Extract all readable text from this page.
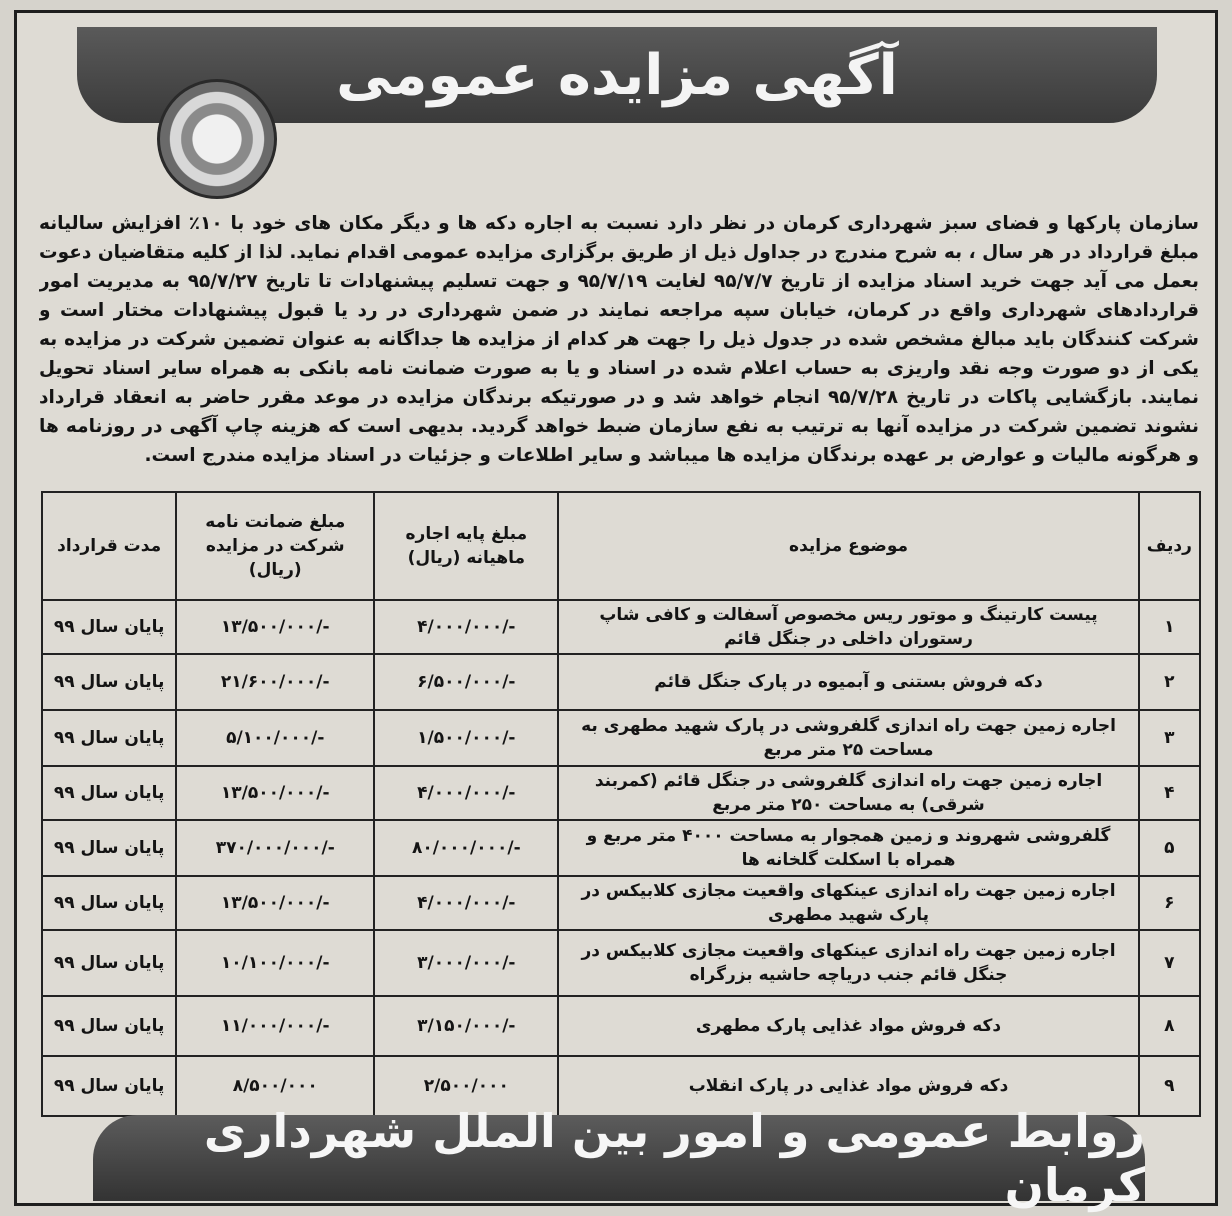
آگهی مزایده عمومی
سازمان پارکها و فضای سبز شهرداری کرمان در نظر دارد نسبت به اجاره دکه ها و دیگر مکان های خود با ۱۰٪ افزایش سالیانه مبلغ قرارداد در هر سال ، به شرح مندرج در جداول ذیل از طریق برگزاری مزایده عمومی اقدام نماید. لذا از کلیه متقاضیان دعوت بعمل می آید جهت خرید اسناد مزایده از تاریخ ۹۵/۷/۷ لغایت ۹۵/۷/۱۹ و جهت تسلیم پیشنهادات تا تاریخ ۹۵/۷/۲۷ به مدیریت امور قراردادهای شهرداری واقع در کرمان، خیابان سپه مراجعه نمایند در ضمن شهرداری در رد یا قبول پیشنهادات مختار است و شرکت کنندگان باید مبالغ مشخص شده در جدول ذیل را جهت هر کدام از مزایده ها جداگانه به عنوان تضمین شرکت در مزایده به یکی از دو صورت وجه نقد واریزی به حساب اعلام شده در اسناد و یا به صورت ضمانت نامه بانکی به همراه سایر اسناد تحویل نمایند. بازگشایی پاکات در تاریخ ۹۵/۷/۲۸ انجام خواهد شد و در صورتیکه برندگان مزایده در موعد مقرر حاضر به انعقاد قرارداد نشوند تضمین شرکت در مزایده آنها به ترتیب به نفع سازمان ضبط خواهد گردید. بدیهی است که هزینه چاپ آگهی در روزنامه ها و هرگونه مالیات و عوارض بر عهده برندگان مزایده ها میباشد و سایر اطلاعات و جزئیات در اسناد مزایده مندرج است.
ردیف	موضوع مزایده	مبلغ پایه اجاره ماهیانه (ریال)	مبلغ ضمانت نامه شرکت در مزایده (ریال)	مدت قرارداد
۱	پیست کارتینگ و موتور ریس مخصوص آسفالت و کافی شاپ رستوران داخلی در جنگل قائم	۴/۰۰۰/۰۰۰/-	۱۳/۵۰۰/۰۰۰/-	پایان سال ۹۹
۲	دکه فروش بستنی و آبمیوه در پارک جنگل قائم	۶/۵۰۰/۰۰۰/-	۲۱/۶۰۰/۰۰۰/-	پایان سال ۹۹
۳	اجاره زمین جهت راه اندازی گلفروشی در پارک شهید مطهری به مساحت ۲۵ متر مربع	۱/۵۰۰/۰۰۰/-	۵/۱۰۰/۰۰۰/-	پایان سال ۹۹
۴	اجاره زمین جهت راه اندازی گلفروشی در جنگل قائم (کمربند شرقی) به مساحت ۲۵۰ متر مربع	۴/۰۰۰/۰۰۰/-	۱۳/۵۰۰/۰۰۰/-	پایان سال ۹۹
۵	گلفروشی شهروند و زمین همجوار به مساحت ۴۰۰۰ متر مربع و همراه با اسکلت گلخانه ها	۸۰/۰۰۰/۰۰۰/-	۳۷۰/۰۰۰/۰۰۰/-	پایان سال ۹۹
۶	اجاره زمین جهت راه اندازی عینکهای واقعیت مجازی کلابیکس در پارک شهید مطهری	۴/۰۰۰/۰۰۰/-	۱۳/۵۰۰/۰۰۰/-	پایان سال ۹۹
۷	اجاره زمین جهت راه اندازی عینکهای واقعیت مجازی کلابیکس در جنگل قائم جنب دریاچه حاشیه بزرگراه	۳/۰۰۰/۰۰۰/-	۱۰/۱۰۰/۰۰۰/-	پایان سال ۹۹
۸	دکه فروش مواد غذایی پارک مطهری	۳/۱۵۰/۰۰۰/-	۱۱/۰۰۰/۰۰۰/-	پایان سال ۹۹
۹	دکه فروش مواد غذایی در پارک انقلاب	۲/۵۰۰/۰۰۰	۸/۵۰۰/۰۰۰	پایان سال ۹۹
روابط عمومی و امور بین الملل شهرداری کرمان
